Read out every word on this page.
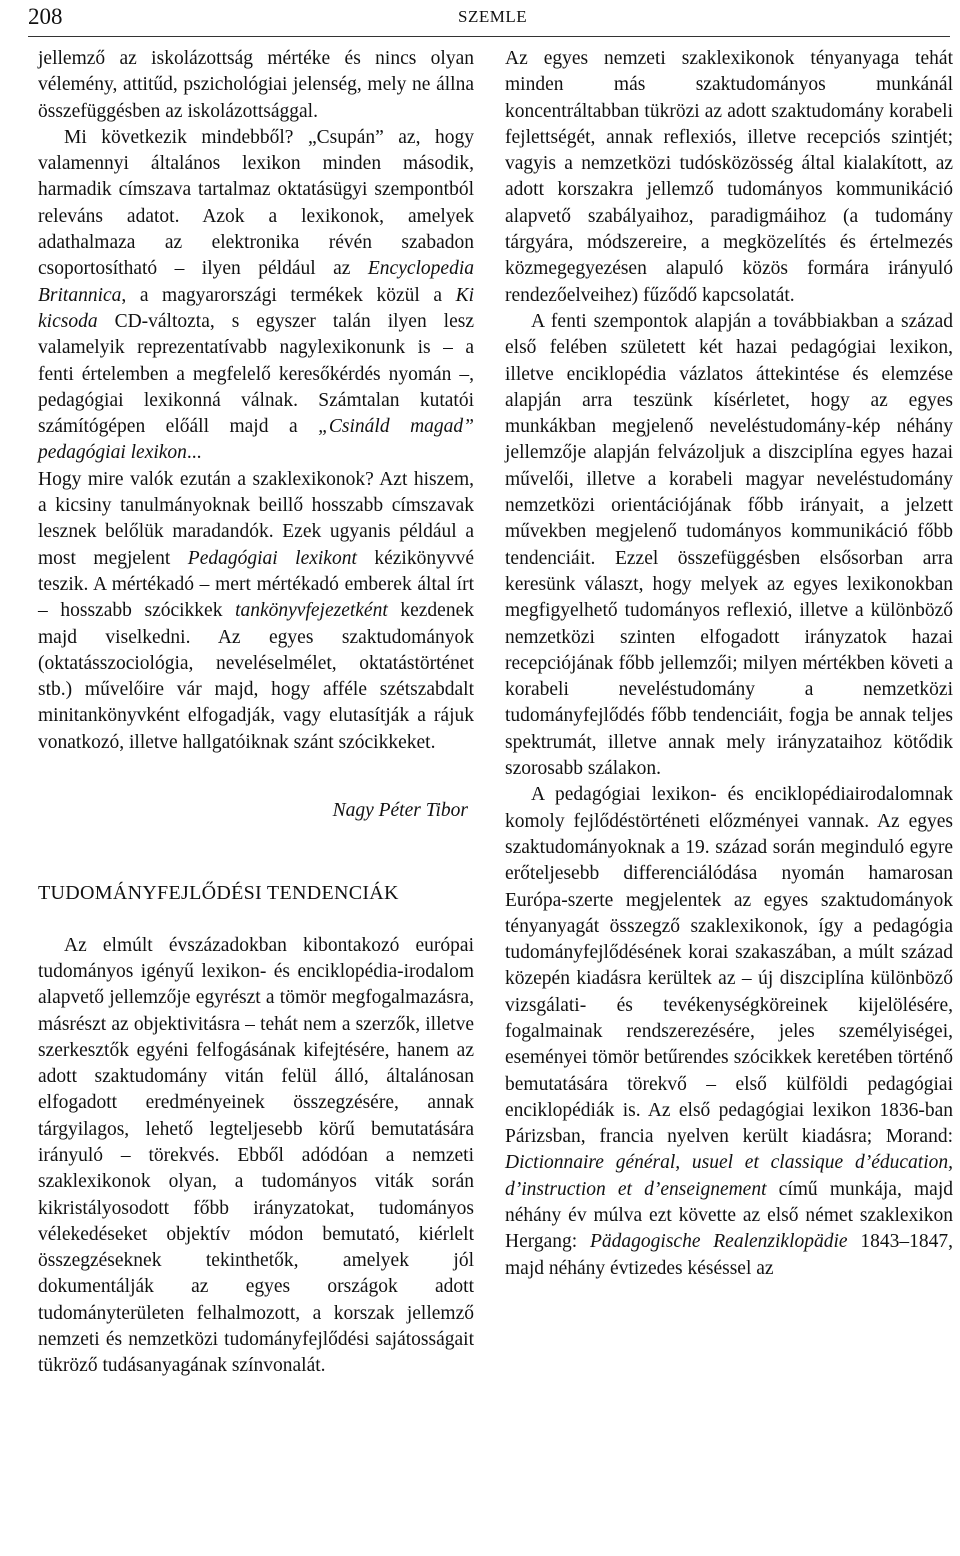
208	SZEMLE

jellemző az iskolázottság mértéke és nincs olyan vélemény, attitűd, pszichológiai jelenség, mely ne állna összefüggésben az iskolázottsággal.

Mi következik mindebből? „Csupán” az, hogy valamennyi általános lexikon minden második, harmadik címszava tartalmaz oktatásügyi szempontból releváns adatot. Azok a lexikonok, amelyek adathalmaza az elektronika révén szabadon csoportosítható – ilyen például az Encyclopedia Britannica, a magyarországi termékek közül a Ki kicsoda CD-változta, s egyszer talán ilyen lesz valamelyik reprezentatívabb nagylexikonunk is – a fenti értelemben a megfelelő keresőkérdés nyomán –, pedagógiai lexikonná válnak. Számtalan kutatói számítógépen előáll majd a „Csináld magad” pedagógiai lexikon...

Hogy mire valók ezután a szaklexikonok? Azt hiszem, a kicsiny tanulmányoknak beillő hosszabb címszavak lesznek belőlük maradandók. Ezek ugyanis például a most megjelent Pedagógiai lexikont kézikönyvvé teszik. A mértékadó – mert mértékadó emberek által írt – hosszabb szócikkek tankönyvfejezetként kezdenek majd viselkedni. Az egyes szaktudományok (oktatásszociológia, neveléselmélet, oktatástörténet stb.) művelőire vár majd, hogy afféle szétszabdalt minitankönyvként elfogadják, vagy elutasítják a rájuk vonatkozó, illetve hallgatóiknak szánt szócikkeket.

Nagy Péter Tibor

TUDOMÁNYFEJLŐDÉSI TENDENCIÁK

Az elmúlt évszázadokban kibontakozó európai tudományos igényű lexikon- és enciklopédia-irodalom alapvető jellemzője egyrészt a tömör megfogalmazásra, másrészt az objektivitásra – tehát nem a szerzők, illetve szerkesztők egyéni felfogásának kifejtésére, hanem az adott szaktudomány vitán felül álló, általánosan elfogadott eredményeinek összegzésére, annak tárgyilagos, lehető legteljesebb körű bemutatására irányuló – törekvés. Ebből adódóan a nemzeti szaklexikonok olyan, a tudományos viták során kikristályosodott főbb irányzatokat, tudományos vélekedéseket objektív módon bemutató, kiérlelt összegzéseknek tekinthetők, amelyek jól dokumentálják az egyes országok adott tudományterületen felhalmozott, a korszak jellemző nemzeti és nemzetközi tudományfejlődési sajátosságait tükröző tudásanyagának színvonalát.

Az egyes nemzeti szaklexikonok tényanyaga tehát minden más szaktudományos munkánál koncentráltabban tükrözi az adott szaktudomány korabeli fejlettségét, annak reflexiós, illetve recepciós szintjét; vagyis a nemzetközi tudósközösség által kialakított, az adott korszakra jellemző tudományos kommunikáció alapvető szabályaihoz, paradigmáihoz (a tudomány tárgyára, módszereire, a megközelítés és értelmezés közmegegyezésen alapuló közös formára irányuló rendezőelveihez) fűződő kapcsolatát.

A fenti szempontok alapján a továbbiakban a század első felében született két hazai pedagógiai lexikon, illetve enciklopédia vázlatos áttekintése és elemzése alapján arra teszünk kísérletet, hogy az egyes munkákban megjelenő neveléstudomány-kép néhány jellemzője alapján felvázoljuk a diszciplína egyes hazai művelői, illetve a korabeli magyar neveléstudomány nemzetközi orientációjának főbb irányait, a jelzett művekben megjelenő tudományos kommunikáció főbb tendenciáit. Ezzel összefüggésben elsősorban arra keresünk választ, hogy melyek az egyes lexikonokban megfigyelhető tudományos reflexió, illetve a különböző nemzetközi szinten elfogadott irányzatok hazai recepciójának főbb jellemzői; milyen mértékben követi a korabeli neveléstudomány a nemzetközi tudományfejlődés főbb tendenciáit, fogja be annak teljes spektrumát, illetve annak mely irányzataihoz kötődik szorosabb szálakon.

A pedagógiai lexikon- és enciklopédiairodalomnak komoly fejlődéstörténeti előzményei vannak. Az egyes szaktudományoknak a 19. század során meginduló egyre erőteljesebb differenciálódása nyomán hamarosan Európa-szerte megjelentek az egyes szaktudományok tényanyagát összegző szaklexikonok, így a pedagógia tudományfejlődésének korai szakaszában, a múlt század közepén kiadásra kerültek az – új diszciplína különböző vizsgálati- és tevékenységköreinek kijelölésére, fogalmainak rendszerezésére, jeles személyiségei, eseményei tömör betűrendes szócikkek keretében történő bemutatására törekvő – első külföldi pedagógiai enciklopédiák is. Az első pedagógiai lexikon 1836-ban Párizsban, francia nyelven került kiadásra; Morand: Dictionnaire général, usuel et classique d’éducation, d’instruction et d’enseignement című munkája, majd néhány év múlva ezt követte az első német szaklexikon Hergang: Pädagogische Realenziklopädie 1843–1847, majd néhány évtizedes késéssel az
